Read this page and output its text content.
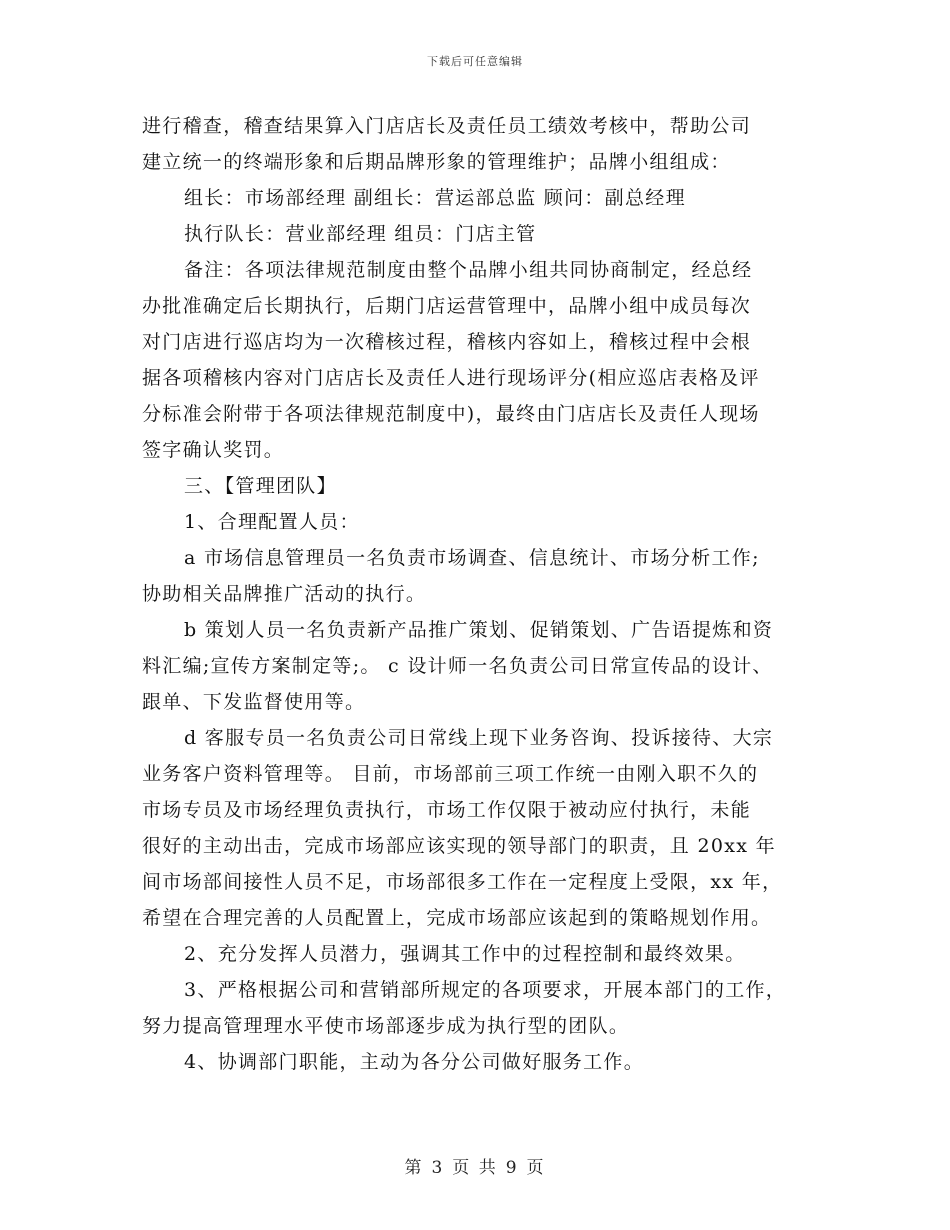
下载后可任意编辑

进行稽查，稽查结果算入门店店长及责任员工绩效考核中，帮助公司

建立统一的终端形象和后期品牌形象的管理维护；品牌小组组成：

组长：市场部经理 副组长：营运部总监 顾问：副总经理

执行队长：营业部经理 组员：门店主管

备注：各项法律规范制度由整个品牌小组共同协商制定，经总经

办批准确定后长期执行，后期门店运营管理中，品牌小组中成员每次

对门店进行巡店均为一次稽核过程，稽核内容如上，稽核过程中会根

据各项稽核内容对门店店长及责任人进行现场评分(相应巡店表格及评

分标准会附带于各项法律规范制度中)，最终由门店店长及责任人现场

签字确认奖罚。

三、【管理团队】

1、合理配置人员：

a 市场信息管理员一名负责市场调查、信息统计、市场分析工作;

协助相关品牌推广活动的执行。

b 策划人员一名负责新产品推广策划、促销策划、广告语提炼和资

料汇编;宣传方案制定等;。 c 设计师一名负责公司日常宣传品的设计、

跟单、下发监督使用等。

d 客服专员一名负责公司日常线上现下业务咨询、投诉接待、大宗

业务客户资料管理等。 目前，市场部前三项工作统一由刚入职不久的

市场专员及市场经理负责执行，市场工作仅限于被动应付执行，未能

很好的主动出击，完成市场部应该实现的领导部门的职责，且 20xx 年

间市场部间接性人员不足，市场部很多工作在一定程度上受限，xx 年，

希望在合理完善的人员配置上，完成市场部应该起到的策略规划作用。

2、充分发挥人员潜力，强调其工作中的过程控制和最终效果。

3、严格根据公司和营销部所规定的各项要求，开展本部门的工作，

努力提高管理理水平使市场部逐步成为执行型的团队。

4、协调部门职能，主动为各分公司做好服务工作。

第 3 页 共 9 页
